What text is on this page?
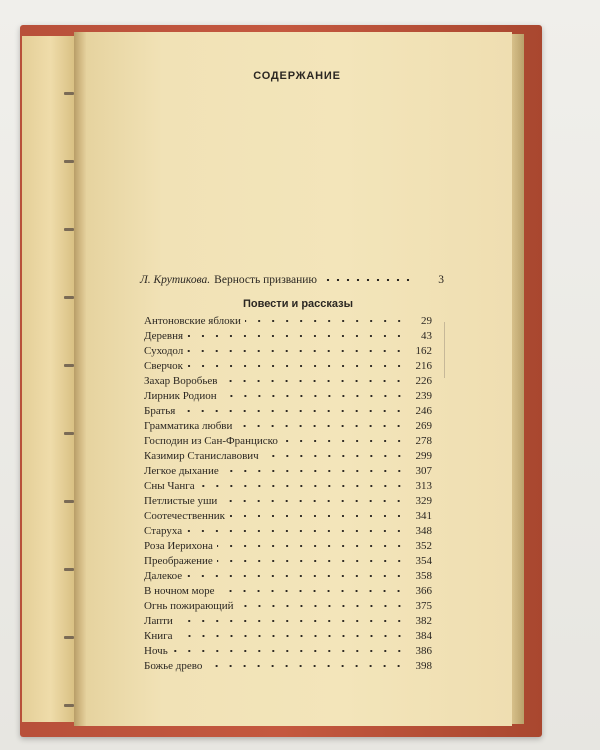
СОДЕРЖАНИЕ
Л. Крутикова. Верность призванию	3
Повести и рассказы
Антоновские яблоки	29
Деревня	43
Суходол	162
Сверчок	216
Захар Воробьев	226
Лирник Родион	239
Братья	246
Грамматика любви	269
Господин из Сан-Франциско	278
Казимир Станиславович	299
Легкое дыхание	307
Сны Чанга	313
Петлистые уши	329
Соотечественник	341
Старуха	348
Роза Иерихона	352
Преображение	354
Далекое	358
В ночном море	366
Огнь пожирающий	375
Лапти	382
Книга	384
Ночь	386
Божье древо	398
